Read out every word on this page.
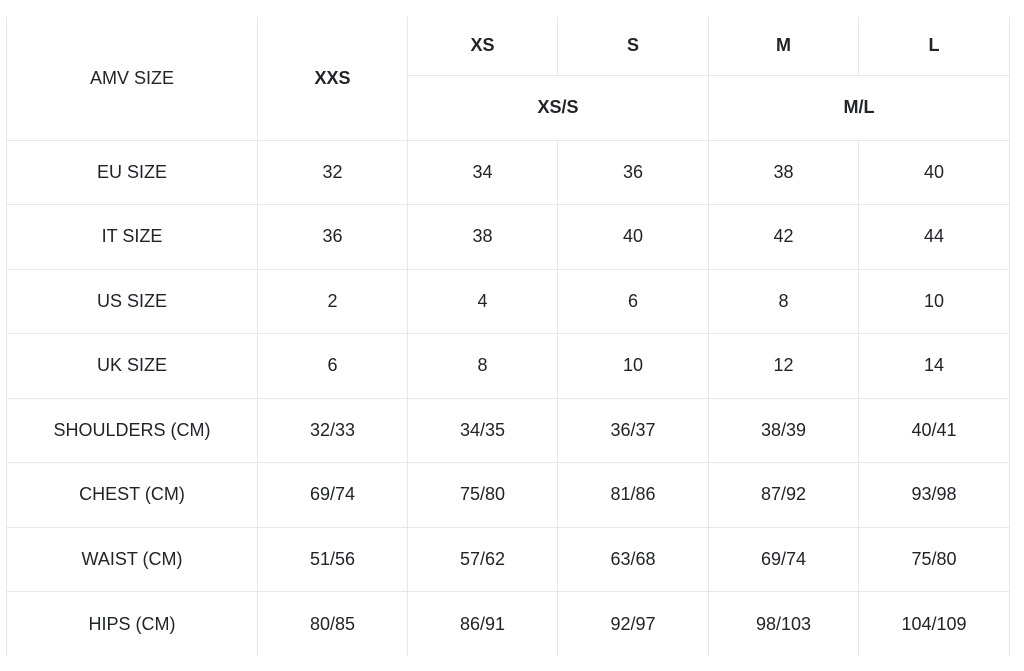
AMV SIZE	XXS	XS	S	M	L
		XS/S		M/L	
EU SIZE	32	34	36	38	40
IT SIZE	36	38	40	42	44
US SIZE	2	4	6	8	10
UK SIZE	6	8	10	12	14
SHOULDERS (CM)	32/33	34/35	36/37	38/39	40/41
CHEST (CM)	69/74	75/80	81/86	87/92	93/98
WAIST (CM)	51/56	57/62	63/68	69/74	75/80
HIPS (CM)	80/85	86/91	92/97	98/103	104/109
